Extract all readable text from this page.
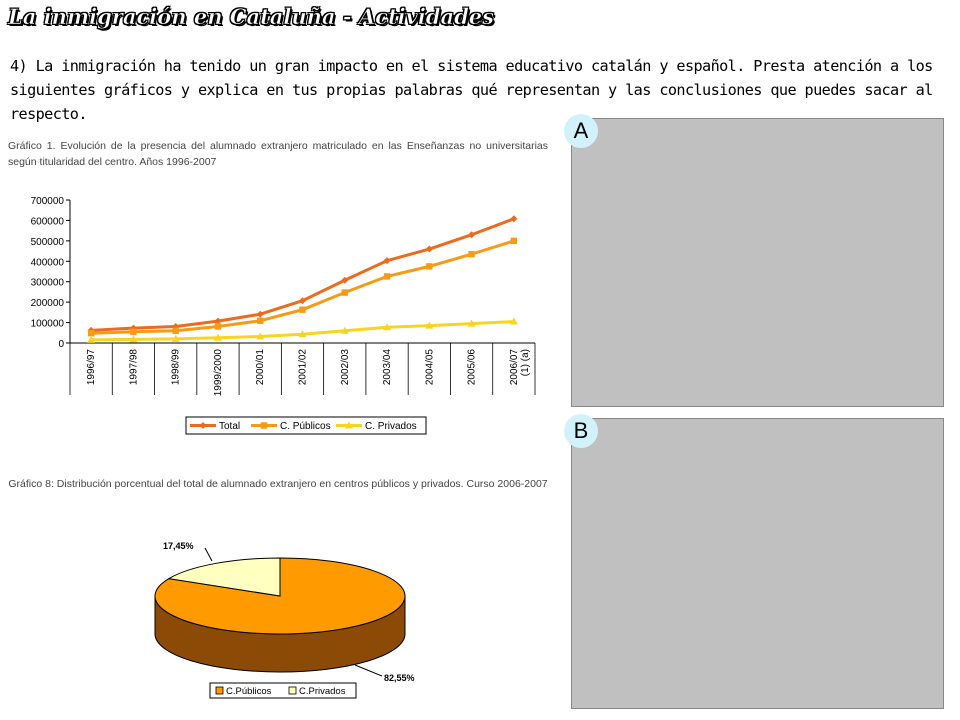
La inmigración en Cataluña - Actividades

4) La inmigración ha tenido un gran impacto en el sistema educativo catalán y español. Presta atención a los siguientes gráficos y explica en tus propias palabras qué representan y las conclusiones que puedes sacar al respecto.

Gráfico 1. Evolución de la presencia del alumnado extranjero matriculado en las Enseñanzas no universitarias según titularidad del centro. Años 1996-2007
0
100000
200000
300000
400000
500000
600000
700000
1996/97	1997/98	1998/99	1999/2000	2000/01	2001/02	2002/03	2003/04	2004/05	2005/06	2006/07 (1) (a)
Total	C. Públicos	C. Privados
Gráfico 8: Distribución porcentual del total de alumnado extranjero en centros públicos y privados. Curso 2006-2007
17,45%
82,55%
C.Públicos	C.Privados
A
B
